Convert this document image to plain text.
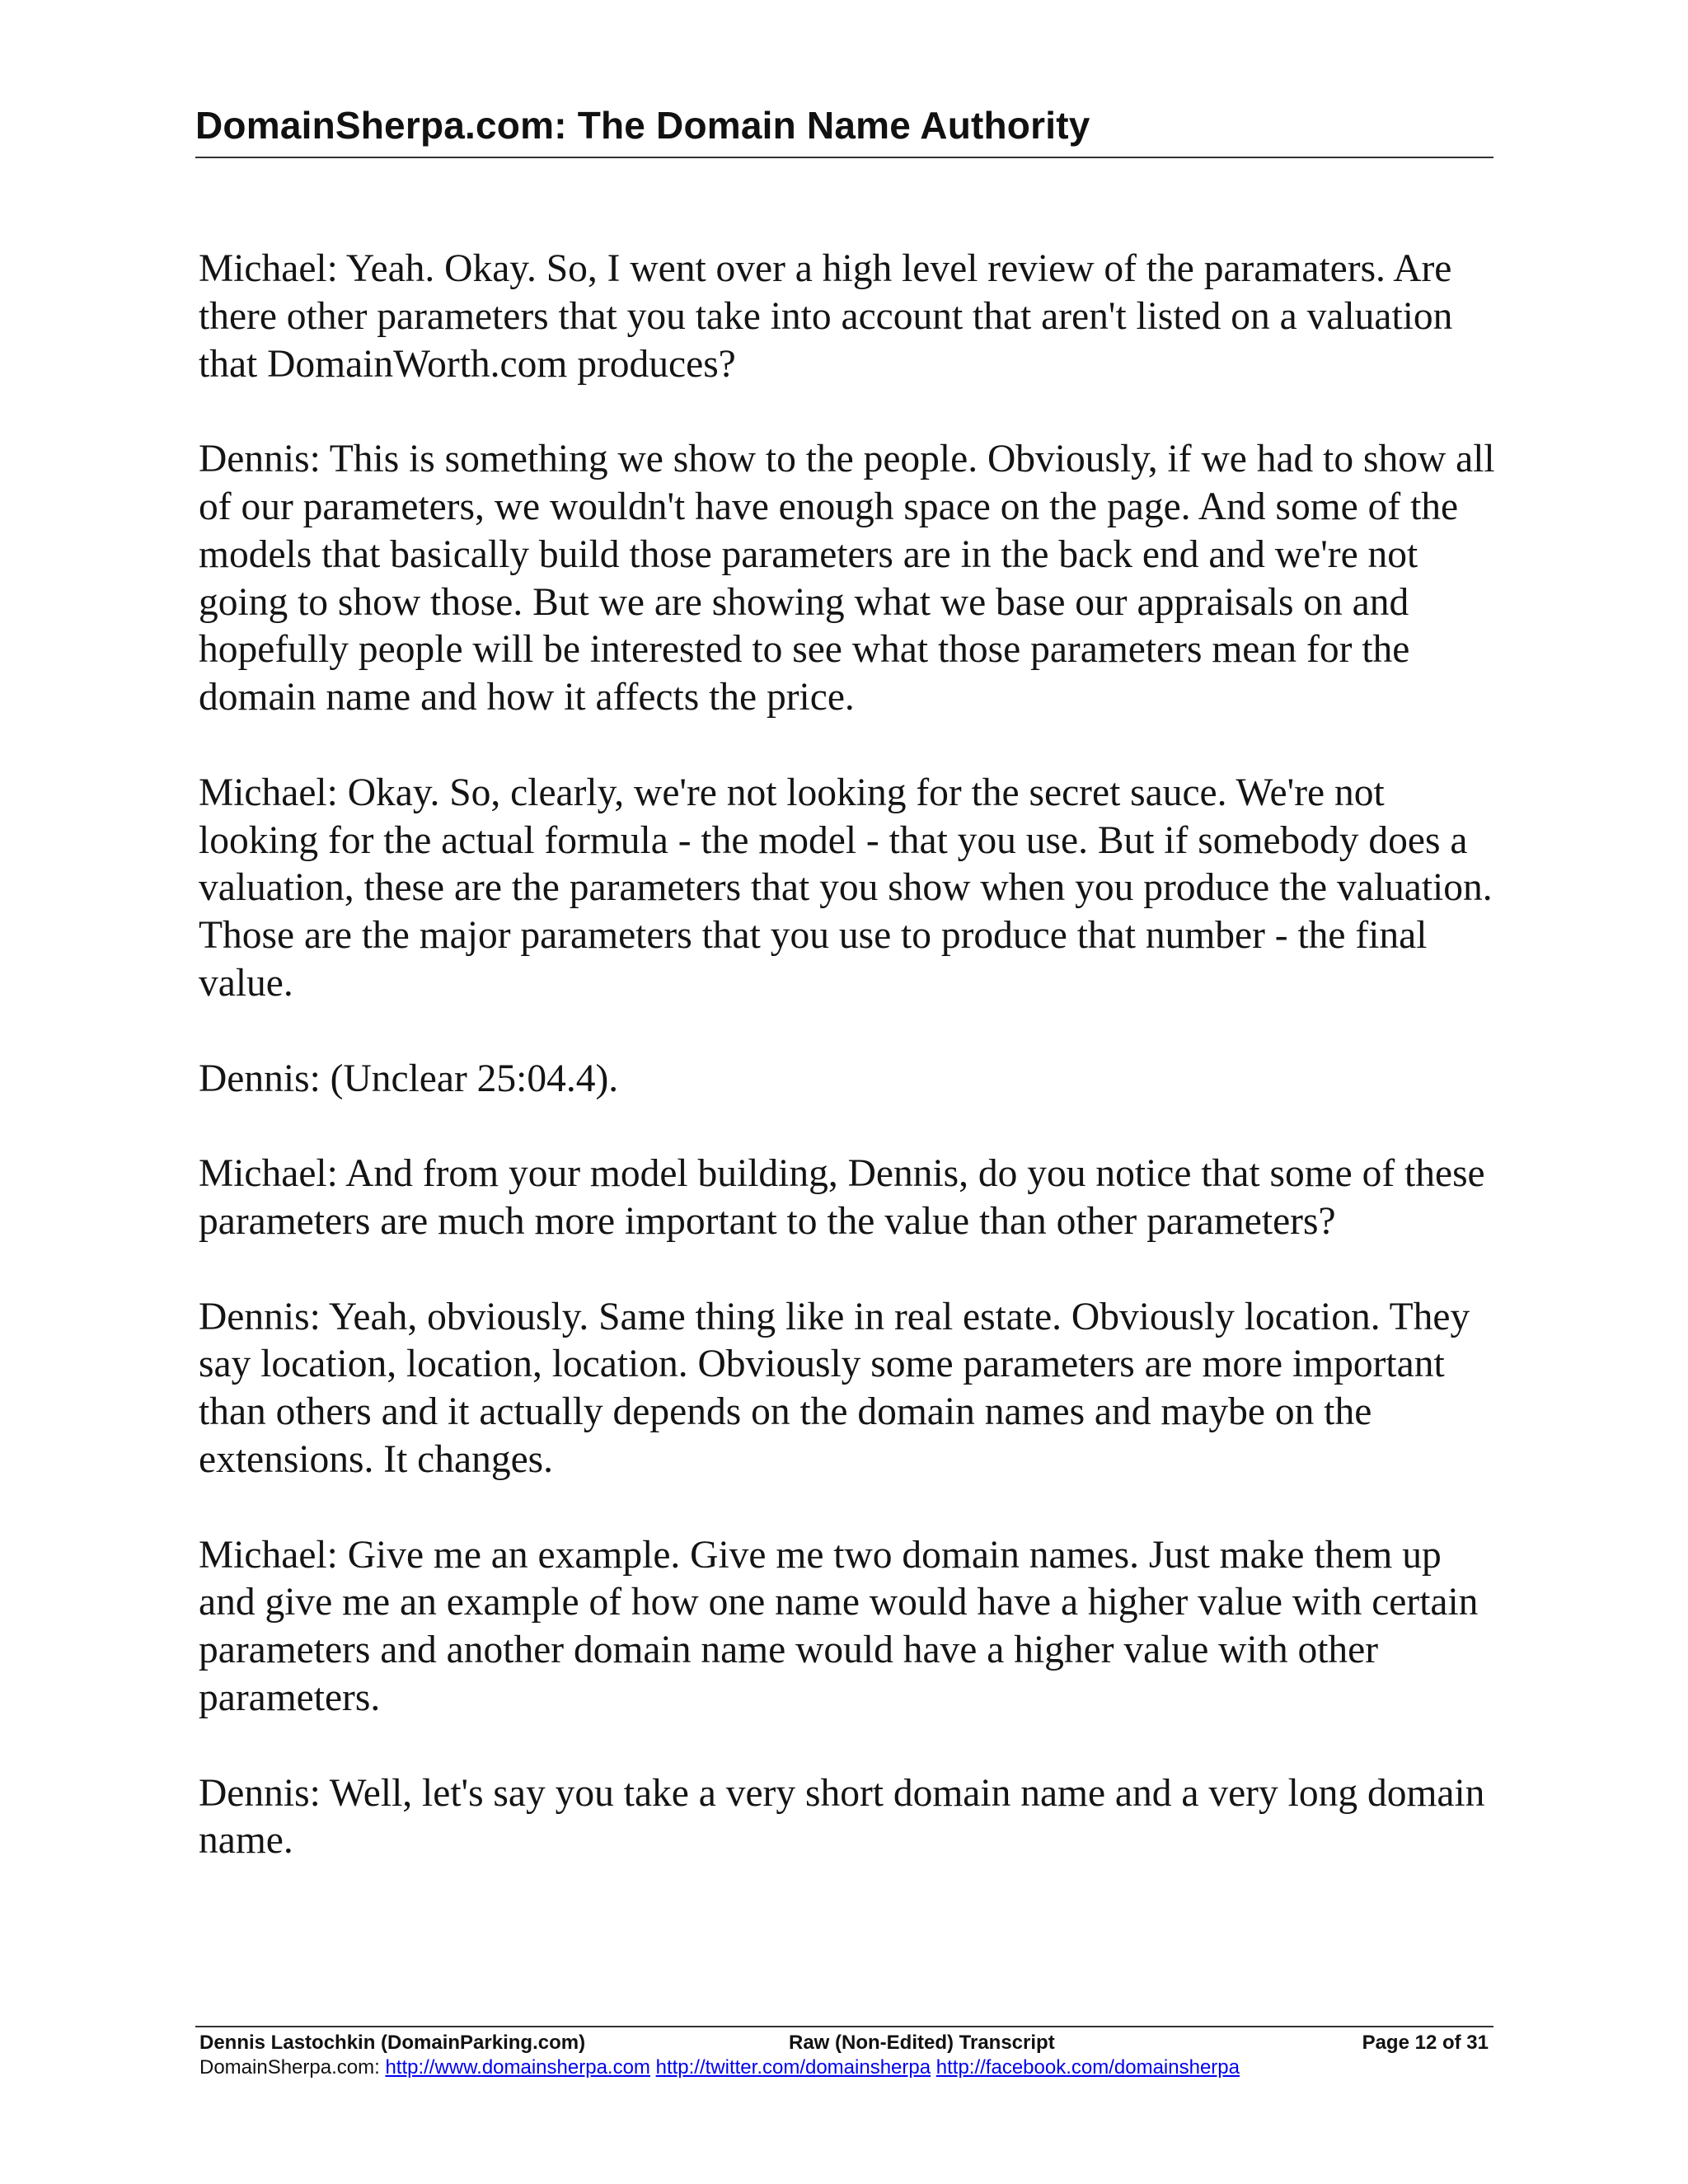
DomainSherpa.com: The Domain Name Authority

Michael: Yeah. Okay. So, I went over a high level review of the paramaters. Are there other parameters that you take into account that aren't listed on a valuation that DomainWorth.com produces?

Dennis: This is something we show to the people. Obviously, if we had to show all of our parameters, we wouldn't have enough space on the page. And some of the models that basically build those parameters are in the back end and we're not going to show those. But we are showing what we base our appraisals on and hopefully people will be interested to see what those parameters mean for the domain name and how it affects the price.

Michael: Okay. So, clearly, we're not looking for the secret sauce. We're not looking for the actual formula - the model - that you use. But if somebody does a valuation, these are the parameters that you show when you produce the valuation. Those are the major parameters that you use to produce that number - the final value.

Dennis: (Unclear 25:04.4).

Michael: And from your model building, Dennis, do you notice that some of these parameters are much more important to the value than other parameters?

Dennis: Yeah, obviously. Same thing like in real estate. Obviously location. They say location, location, location. Obviously some parameters are more important than others and it actually depends on the domain names and maybe on the extensions. It changes.

Michael: Give me an example. Give me two domain names. Just make them up and give me an example of how one name would have a higher value with certain parameters and another domain name would have a higher value with other parameters.

Dennis: Well, let's say you take a very short domain name and a very long domain name.

Dennis Lastochkin (DomainParking.com)	Raw (Non-Edited) Transcript	Page 12 of 31
DomainSherpa.com: http://www.domainsherpa.com http://twitter.com/domainsherpa http://facebook.com/domainsherpa
